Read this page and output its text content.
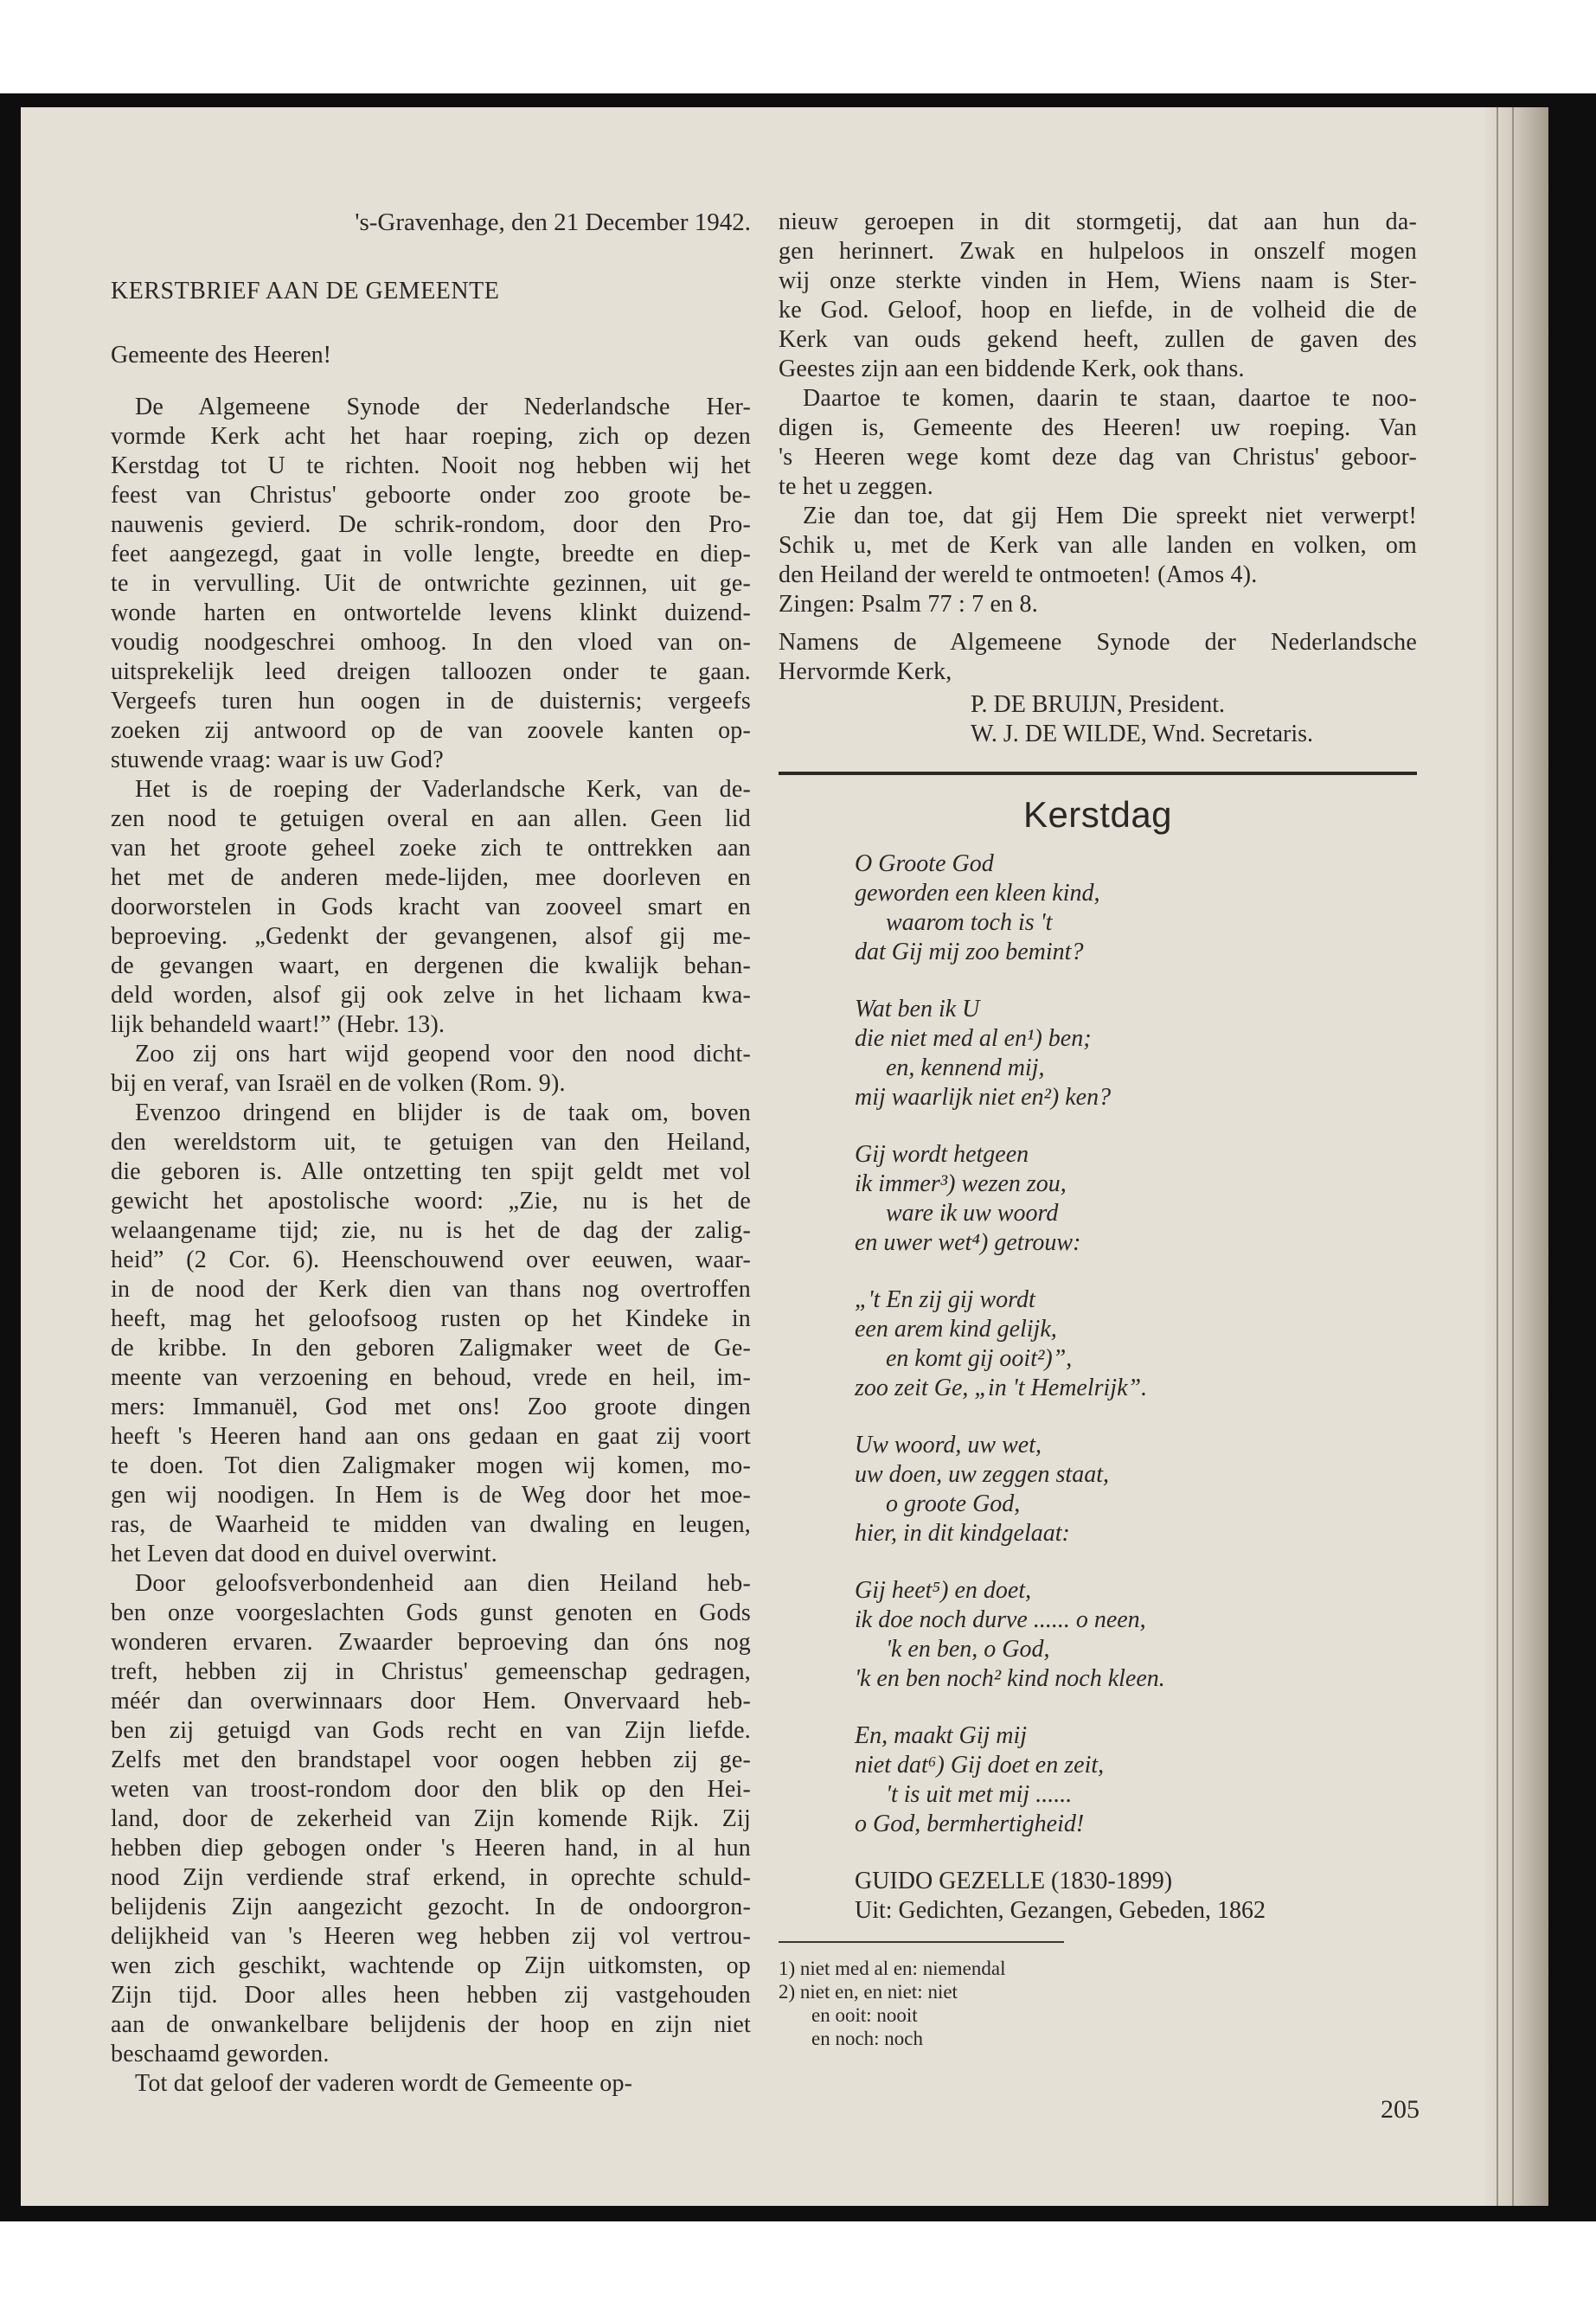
's-Gravenhage, den 21 December 1942.
KERSTBRIEF AAN DE GEMEENTE
Gemeente des Heeren!
De Algemeene Synode der Nederlandsche Her-
vormde Kerk acht het haar roeping, zich op dezen
Kerstdag tot U te richten. Nooit nog hebben wij het
feest van Christus' geboorte onder zoo groote be-
nauwenis gevierd. De schrik-rondom, door den Pro-
feet aangezegd, gaat in volle lengte, breedte en diep-
te in vervulling. Uit de ontwrichte gezinnen, uit ge-
wonde harten en ontwortelde levens klinkt duizend-
voudig noodgeschrei omhoog. In den vloed van on-
uitsprekelijk leed dreigen talloozen onder te gaan.
Vergeefs turen hun oogen in de duisternis; vergeefs
zoeken zij antwoord op de van zoovele kanten op-
stuwende vraag: waar is uw God?
Het is de roeping der Vaderlandsche Kerk, van de-
zen nood te getuigen overal en aan allen. Geen lid
van het groote geheel zoeke zich te onttrekken aan
het met de anderen mede-lijden, mee doorleven en
doorworstelen in Gods kracht van zooveel smart en
beproeving. „Gedenkt der gevangenen, alsof gij me-
de gevangen waart, en dergenen die kwalijk behan-
deld worden, alsof gij ook zelve in het lichaam kwa-
lijk behandeld waart!” (Hebr. 13).
Zoo zij ons hart wijd geopend voor den nood dicht-
bij en veraf, van Israël en de volken (Rom. 9).
Evenzoo dringend en blijder is de taak om, boven
den wereldstorm uit, te getuigen van den Heiland,
die geboren is. Alle ontzetting ten spijt geldt met vol
gewicht het apostolische woord: „Zie, nu is het de
welaangename tijd; zie, nu is het de dag der zalig-
heid” (2 Cor. 6). Heenschouwend over eeuwen, waar-
in de nood der Kerk dien van thans nog overtroffen
heeft, mag het geloofsoog rusten op het Kindeke in
de kribbe. In den geboren Zaligmaker weet de Ge-
meente van verzoening en behoud, vrede en heil, im-
mers: Immanuël, God met ons! Zoo groote dingen
heeft 's Heeren hand aan ons gedaan en gaat zij voort
te doen. Tot dien Zaligmaker mogen wij komen, mo-
gen wij noodigen. In Hem is de Weg door het moe-
ras, de Waarheid te midden van dwaling en leugen,
het Leven dat dood en duivel overwint.
Door geloofsverbondenheid aan dien Heiland heb-
ben onze voorgeslachten Gods gunst genoten en Gods
wonderen ervaren. Zwaarder beproeving dan óns nog
treft, hebben zij in Christus' gemeenschap gedragen,
méér dan overwinnaars door Hem. Onvervaard heb-
ben zij getuigd van Gods recht en van Zijn liefde.
Zelfs met den brandstapel voor oogen hebben zij ge-
weten van troost-rondom door den blik op den Hei-
land, door de zekerheid van Zijn komende Rijk. Zij
hebben diep gebogen onder 's Heeren hand, in al hun
nood Zijn verdiende straf erkend, in oprechte schuld-
belijdenis Zijn aangezicht gezocht. In de ondoorgron-
delijkheid van 's Heeren weg hebben zij vol vertrou-
wen zich geschikt, wachtende op Zijn uitkomsten, op
Zijn tijd. Door alles heen hebben zij vastgehouden
aan de onwankelbare belijdenis der hoop en zijn niet
beschaamd geworden.
Tot dat geloof der vaderen wordt de Gemeente op-
nieuw geroepen in dit stormgetij, dat aan hun da-
gen herinnert. Zwak en hulpeloos in onszelf mogen
wij onze sterkte vinden in Hem, Wiens naam is Ster-
ke God. Geloof, hoop en liefde, in de volheid die de
Kerk van ouds gekend heeft, zullen de gaven des
Geestes zijn aan een biddende Kerk, ook thans.
Daartoe te komen, daarin te staan, daartoe te noo-
digen is, Gemeente des Heeren! uw roeping. Van
's Heeren wege komt deze dag van Christus' geboor-
te het u zeggen.
Zie dan toe, dat gij Hem Die spreekt niet verwerpt!
Schik u, met de Kerk van alle landen en volken, om
den Heiland der wereld te ontmoeten! (Amos 4).
Zingen: Psalm 77 : 7 en 8.
Namens de Algemeene Synode der Nederlandsche
Hervormde Kerk,
P. DE BRUIJN, President.
W. J. DE WILDE, Wnd. Secretaris.
Kerstdag
O Groote God
geworden een kleen kind,
waarom toch is 't
dat Gij mij zoo bemint?
Wat ben ik U
die niet med al en¹) ben;
en, kennend mij,
mij waarlijk niet en²) ken?
Gij wordt hetgeen
ik immer³) wezen zou,
ware ik uw woord
en uwer wet⁴) getrouw:
„'t En zij gij wordt
een arem kind gelijk,
en komt gij ooit²)”,
zoo zeit Ge, „in 't Hemelrijk”.
Uw woord, uw wet,
uw doen, uw zeggen staat,
o groote God,
hier, in dit kindgelaat:
Gij heet⁵) en doet,
ik doe noch durve ...... o neen,
'k en ben, o God,
'k en ben noch² kind noch kleen.
En, maakt Gij mij
niet dat⁶) Gij doet en zeit,
't is uit met mij ......
o God, bermhertigheid!
GUIDO GEZELLE (1830-1899)
Uit: Gedichten, Gezangen, Gebeden, 1862
1) niet med al en: niemendal
2) niet en, en niet: niet
en ooit: nooit
en noch: noch
205
